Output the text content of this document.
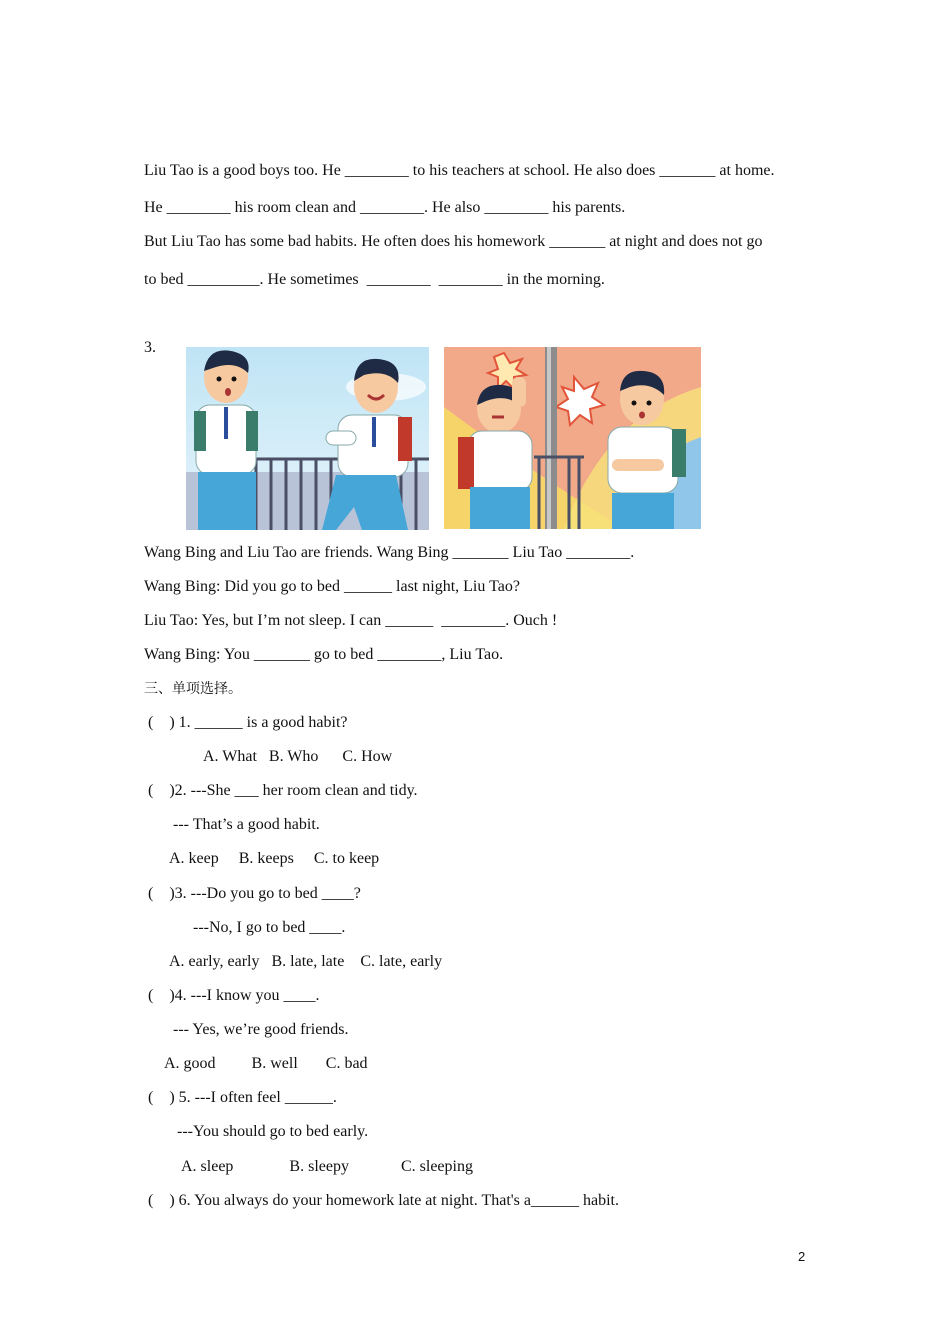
Liu Tao is a good boys too. He ________ to his teachers at school. He also does _______ at home.
He ________ his room clean and ________. He also ________ his parents.
But Liu Tao has some bad habits. He often does his homework _______ at night and does not go
to bed _________. He sometimes  ________  ________ in the morning.
3.
Wang Bing and Liu Tao are friends. Wang Bing _______ Liu Tao ________.
Wang Bing: Did you go to bed ______ last night, Liu Tao?
Liu Tao: Yes, but I’m not sleep. I can ______  ________. Ouch !
Wang Bing: You _______ go to bed ________, Liu Tao.
三、单项选择。
(    ) 1. ______ is a good habit?
A. What   B. Who      C. How
(    )2. ---She ___ her room clean and tidy.
--- That’s a good habit.
A. keep     B. keeps     C. to keep
(    )3. ---Do you go to bed ____?
---No, I go to bed ____.
A. early, early   B. late, late    C. late, early
(    )4. ---I know you ____.
--- Yes, we’re good friends.
A. good         B. well       C. bad
(    ) 5. ---I often feel ______.
---You should go to bed early.
A. sleep              B. sleepy             C. sleeping
(    ) 6. You always do your homework late at night. That's a______ habit.
2
